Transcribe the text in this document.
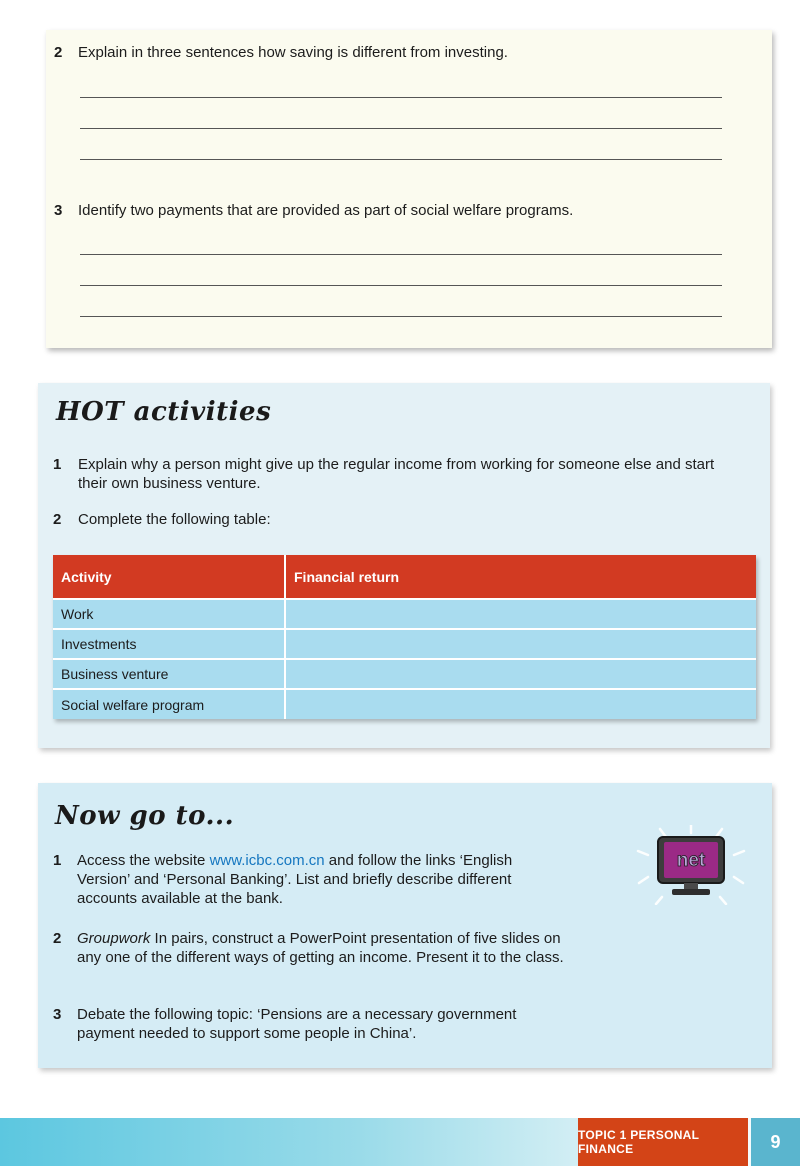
2 Explain in three sentences how saving is different from investing.
3 Identify two payments that are provided as part of social welfare programs.
HOT activities
1 Explain why a person might give up the regular income from working for someone else and start their own business venture.
2 Complete the following table:
Activity	Financial return
Work	
Investments	
Business venture	
Social welfare program	
Now go to...
1 Access the website www.icbc.com.cn and follow the links ‘English Version’ and ‘Personal Banking’. List and briefly describe different accounts available at the bank.
2 Groupwork In pairs, construct a PowerPoint presentation of five slides on any one of the different ways of getting an income. Present it to the class.
3 Debate the following topic: ‘Pensions are a necessary government payment needed to support some people in China’.
net
TOPIC 1 PERSONAL FINANCE	9
